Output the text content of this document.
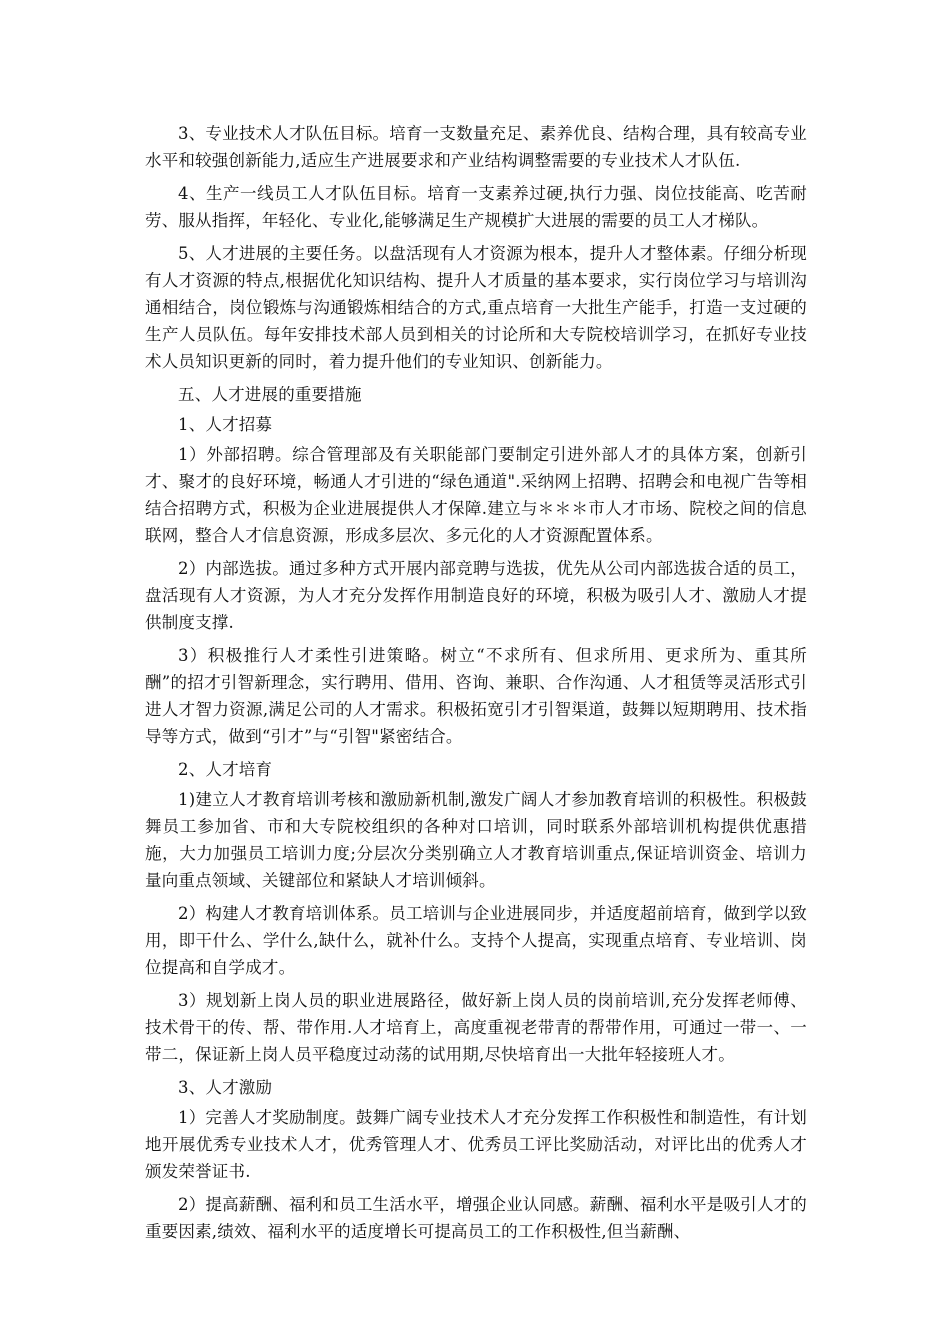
3、专业技术人才队伍目标。培育一支数量充足、素养优良、结构合理，具有较高专业水平和较强创新能力,适应生产进展要求和产业结构调整需要的专业技术人才队伍.

4、生产一线员工人才队伍目标。培育一支素养过硬,执行力强、岗位技能高、吃苦耐劳、服从指挥，年轻化、专业化,能够满足生产规模扩大进展的需要的员工人才梯队。

5、人才进展的主要任务。以盘活现有人才资源为根本，提升人才整体素。仔细分析现有人才资源的特点,根据优化知识结构、提升人才质量的基本要求，实行岗位学习与培训沟通相结合，岗位锻炼与沟通锻炼相结合的方式,重点培育一大批生产能手，打造一支过硬的生产人员队伍。每年安排技术部人员到相关的讨论所和大专院校培训学习，在抓好专业技术人员知识更新的同时，着力提升他们的专业知识、创新能力。

五、人才进展的重要措施

1、人才招募

1）外部招聘。综合管理部及有关职能部门要制定引进外部人才的具体方案，创新引才、聚才的良好环境，畅通人才引进的“绿色通道".采纳网上招聘、招聘会和电视广告等相结合招聘方式，积极为企业进展提供人才保障.建立与＊＊＊市人才市场、院校之间的信息联网，整合人才信息资源，形成多层次、多元化的人才资源配置体系。

2）内部选拔。通过多种方式开展内部竞聘与选拔，优先从公司内部选拔合适的员工，盘活现有人才资源，为人才充分发挥作用制造良好的环境，积极为吸引人才、激励人才提供制度支撑.

3）积极推行人才柔性引进策略。树立“不求所有、但求所用、更求所为、重其所酬”的招才引智新理念，实行聘用、借用、咨询、兼职、合作沟通、人才租赁等灵活形式引进人才智力资源,满足公司的人才需求。积极拓宽引才引智渠道，鼓舞以短期聘用、技术指导等方式，做到“引才”与“引智"紧密结合。

2、人才培育

1)建立人才教育培训考核和激励新机制,激发广阔人才参加教育培训的积极性。积极鼓舞员工参加省、市和大专院校组织的各种对口培训，同时联系外部培训机构提供优惠措施，大力加强员工培训力度;分层次分类别确立人才教育培训重点,保证培训资金、培训力量向重点领域、关键部位和紧缺人才培训倾斜。

2）构建人才教育培训体系。员工培训与企业进展同步，并适度超前培育，做到学以致用，即干什么、学什么,缺什么，就补什么。支持个人提高，实现重点培育、专业培训、岗位提高和自学成才。

3）规划新上岗人员的职业进展路径，做好新上岗人员的岗前培训,充分发挥老师傅、技术骨干的传、帮、带作用.人才培育上，高度重视老带青的帮带作用，可通过一带一、一带二，保证新上岗人员平稳度过动荡的试用期,尽快培育出一大批年轻接班人才。

3、人才激励

1）完善人才奖励制度。鼓舞广阔专业技术人才充分发挥工作积极性和制造性，有计划地开展优秀专业技术人才，优秀管理人才、优秀员工评比奖励活动，对评比出的优秀人才颁发荣誉证书.

2）提高薪酬、福利和员工生活水平，增强企业认同感。薪酬、福利水平是吸引人才的重要因素,绩效、福利水平的适度增长可提高员工的工作积极性,但当薪酬、
